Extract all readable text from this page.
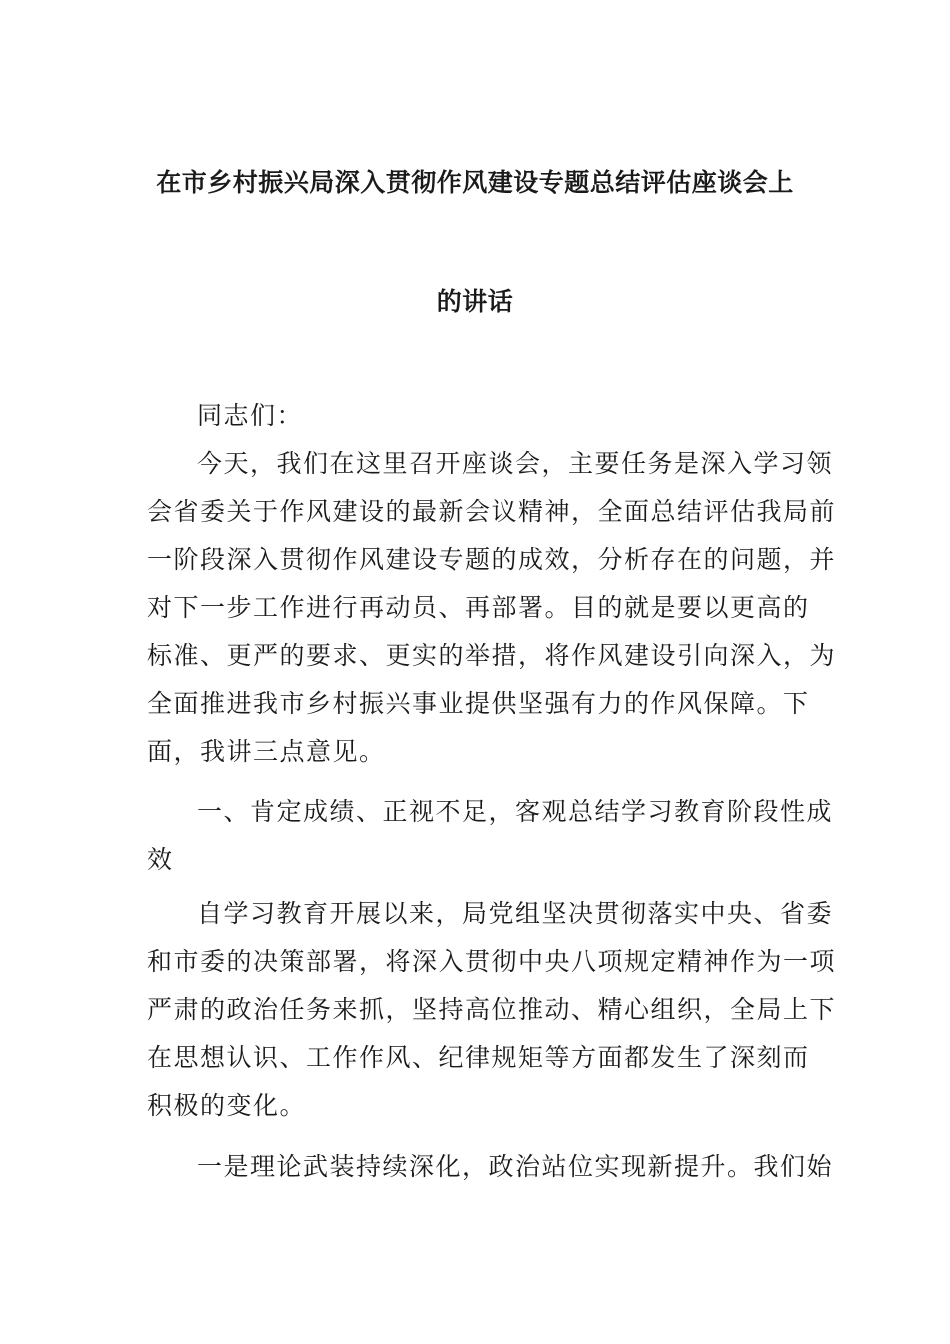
在市乡村振兴局深入贯彻作风建设专题总结评估座谈会上
的讲话
同志们：
今天，我们在这里召开座谈会，主要任务是深入学习领
会省委关于作风建设的最新会议精神，全面总结评估我局前
一阶段深入贯彻作风建设专题的成效，分析存在的问题，并
对下一步工作进行再动员、再部署。目的就是要以更高的
标准、更严的要求、更实的举措，将作风建设引向深入，为
全面推进我市乡村振兴事业提供坚强有力的作风保障。下
面，我讲三点意见。
一、肯定成绩、正视不足，客观总结学习教育阶段性成
效
自学习教育开展以来，局党组坚决贯彻落实中央、省委
和市委的决策部署，将深入贯彻中央八项规定精神作为一项
严肃的政治任务来抓，坚持高位推动、精心组织，全局上下
在思想认识、工作作风、纪律规矩等方面都发生了深刻而
积极的变化。
一是理论武装持续深化，政治站位实现新提升。我们始
